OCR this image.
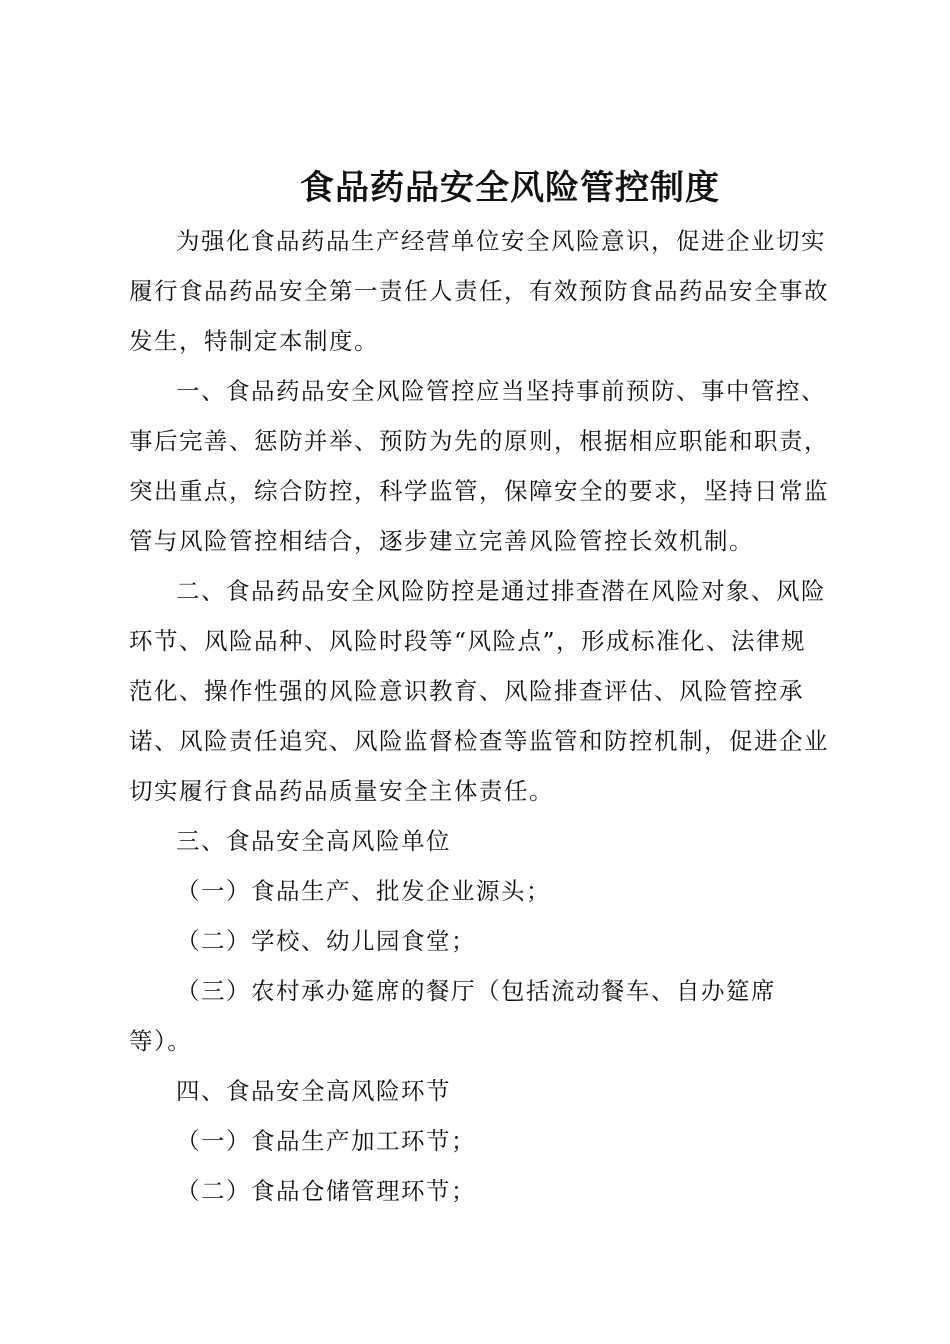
食品药品安全风险管控制度

为强化食品药品生产经营单位安全风险意识，促进企业切实履行食品药品安全第一责任人责任，有效预防食品药品安全事故发生，特制定本制度。

一、食品药品安全风险管控应当坚持事前预防、事中管控、事后完善、惩防并举、预防为先的原则，根据相应职能和职责，突出重点，综合防控，科学监管，保障安全的要求，坚持日常监管与风险管控相结合，逐步建立完善风险管控长效机制。

二、食品药品安全风险防控是通过排查潜在风险对象、风险环节、风险品种、风险时段等“风险点”，形成标准化、法律规范化、操作性强的风险意识教育、风险排查评估、风险管控承诺、风险责任追究、风险监督检查等监管和防控机制，促进企业切实履行食品药品质量安全主体责任。

三、食品安全高风险单位

（一）食品生产、批发企业源头；

（二）学校、幼儿园食堂；

（三）农村承办筵席的餐厅（包括流动餐车、自办筵席等）。

四、食品安全高风险环节

（一）食品生产加工环节；

（二）食品仓储管理环节；
